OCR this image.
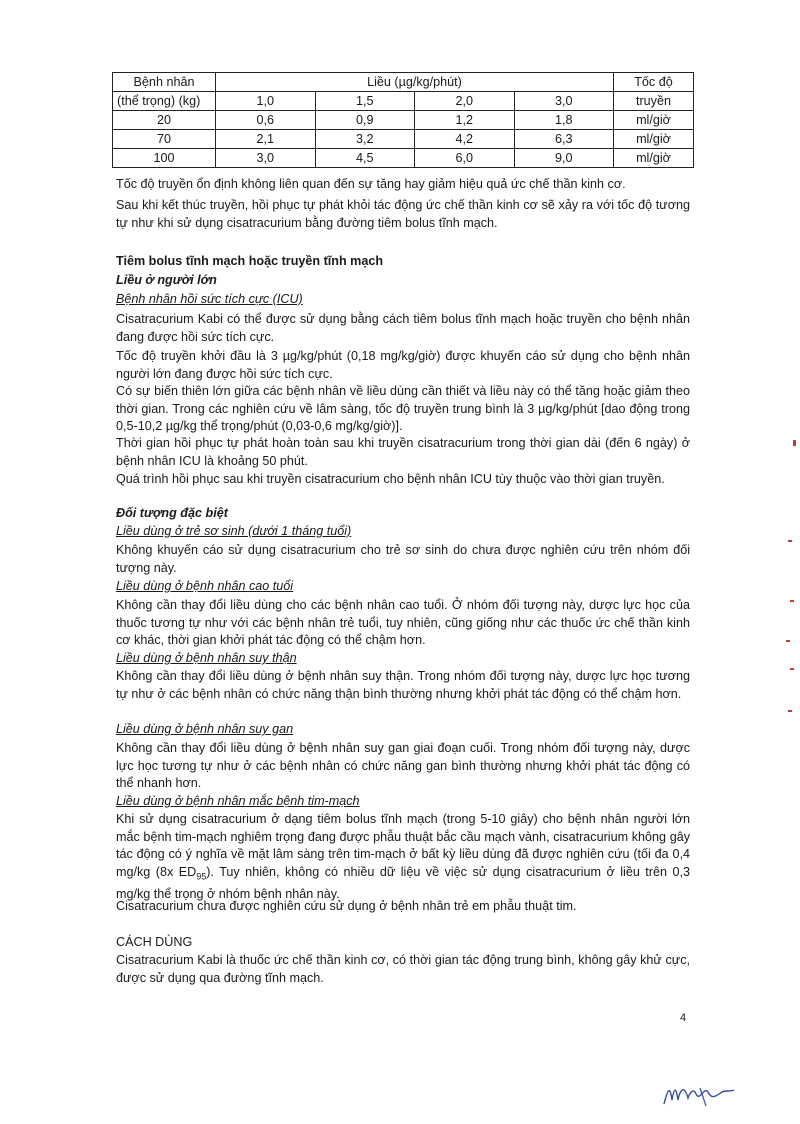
Bệnh nhân	Liều (µg/kg/phút)				Tốc độ
(thể trọng) (kg)	1,0	1,5	2,0	3,0	truyền
20	0,6	0,9	1,2	1,8	ml/giờ
70	2,1	3,2	4,2	6,3	ml/giờ
100	3,0	4,5	6,0	9,0	ml/giờ

Tốc độ truyền ổn định không liên quan đến sự tăng hay giảm hiệu quả ức chế thần kinh cơ.

Sau khi kết thúc truyền, hồi phục tự phát khỏi tác động ức chế thần kinh cơ sẽ xảy ra với tốc độ tương tự như khi sử dụng cisatracurium bằng đường tiêm bolus tĩnh mạch.

Tiêm bolus tĩnh mạch hoặc truyền tĩnh mạch

Liều ở người lớn

Bệnh nhân hồi sức tích cực (ICU)

Cisatracurium Kabi có thể được sử dụng bằng cách tiêm bolus tĩnh mạch hoặc truyền cho bệnh nhân đang được hồi sức tích cực.

Tốc độ truyền khởi đầu là 3 µg/kg/phút (0,18 mg/kg/giờ) được khuyến cáo sử dụng cho bệnh nhân người lớn đang được hồi sức tích cực.

Có sự biến thiên lớn giữa các bệnh nhân về liều dùng cần thiết và liều này có thể tăng hoặc giảm theo thời gian. Trong các nghiên cứu về lâm sàng, tốc độ truyền trung bình là 3 µg/kg/phút [dao động trong 0,5-10,2 µg/kg thể trọng/phút (0,03-0,6 mg/kg/giờ)].

Thời gian hồi phục tự phát hoàn toàn sau khi truyền cisatracurium trong thời gian dài (đến 6 ngày) ở bệnh nhân ICU là khoảng 50 phút.

Quá trình hồi phục sau khi truyền cisatracurium cho bệnh nhân ICU tùy thuộc vào thời gian truyền.

Đối tượng đặc biệt

Liều dùng ở trẻ sơ sinh (dưới 1 tháng tuổi)

Không khuyến cáo sử dụng cisatracurium cho trẻ sơ sinh do chưa được nghiên cứu trên nhóm đối tượng này.

Liều dùng ở bệnh nhân cao tuổi

Không cần thay đổi liều dùng cho các bệnh nhân cao tuổi. Ở nhóm đối tượng này, dược lực học của thuốc tương tự như với các bệnh nhân trẻ tuổi, tuy nhiên, cũng giống như các thuốc ức chế thần kinh cơ khác, thời gian khởi phát tác động có thể chậm hơn.

Liều dùng ở bệnh nhân suy thận

Không cần thay đổi liều dùng ở bệnh nhân suy thận. Trong nhóm đối tượng này, dược lực học tương tự như ở các bệnh nhân có chức năng thận bình thường nhưng khởi phát tác động có thể chậm hơn.

Liều dùng ở bệnh nhân suy gan

Không cần thay đổi liều dùng ở bệnh nhân suy gan giai đoạn cuối. Trong nhóm đối tượng này, dược lực học tương tự như ở các bệnh nhân có chức năng gan bình thường nhưng khởi phát tác động có thể nhanh hơn.

Liều dùng ở bệnh nhân mắc bệnh tim-mạch

Khi sử dụng cisatracurium ở dạng tiêm bolus tĩnh mạch (trong 5-10 giây) cho bệnh nhân người lớn mắc bệnh tim-mạch nghiêm trọng đang được phẫu thuật bắc cầu mạch vành, cisatracurium không gây tác động có ý nghĩa về mặt lâm sàng trên tim-mạch ở bất kỳ liều dùng đã được nghiên cứu (tối đa 0,4 mg/kg (8x $ED_{95}$). Tuy nhiên, không có nhiều dữ liệu về việc sử dụng cisatracurium ở liều trên 0,3 mg/kg thể trọng ở nhóm bệnh nhân này.

Cisatracurium chưa được nghiên cứu sử dụng ở bệnh nhân trẻ em phẫu thuật tim.

CÁCH DÙNG

Cisatracurium Kabi là thuốc ức chế thần kinh cơ, có thời gian tác động trung bình, không gây khử cực, được sử dụng qua đường tĩnh mạch.

4
